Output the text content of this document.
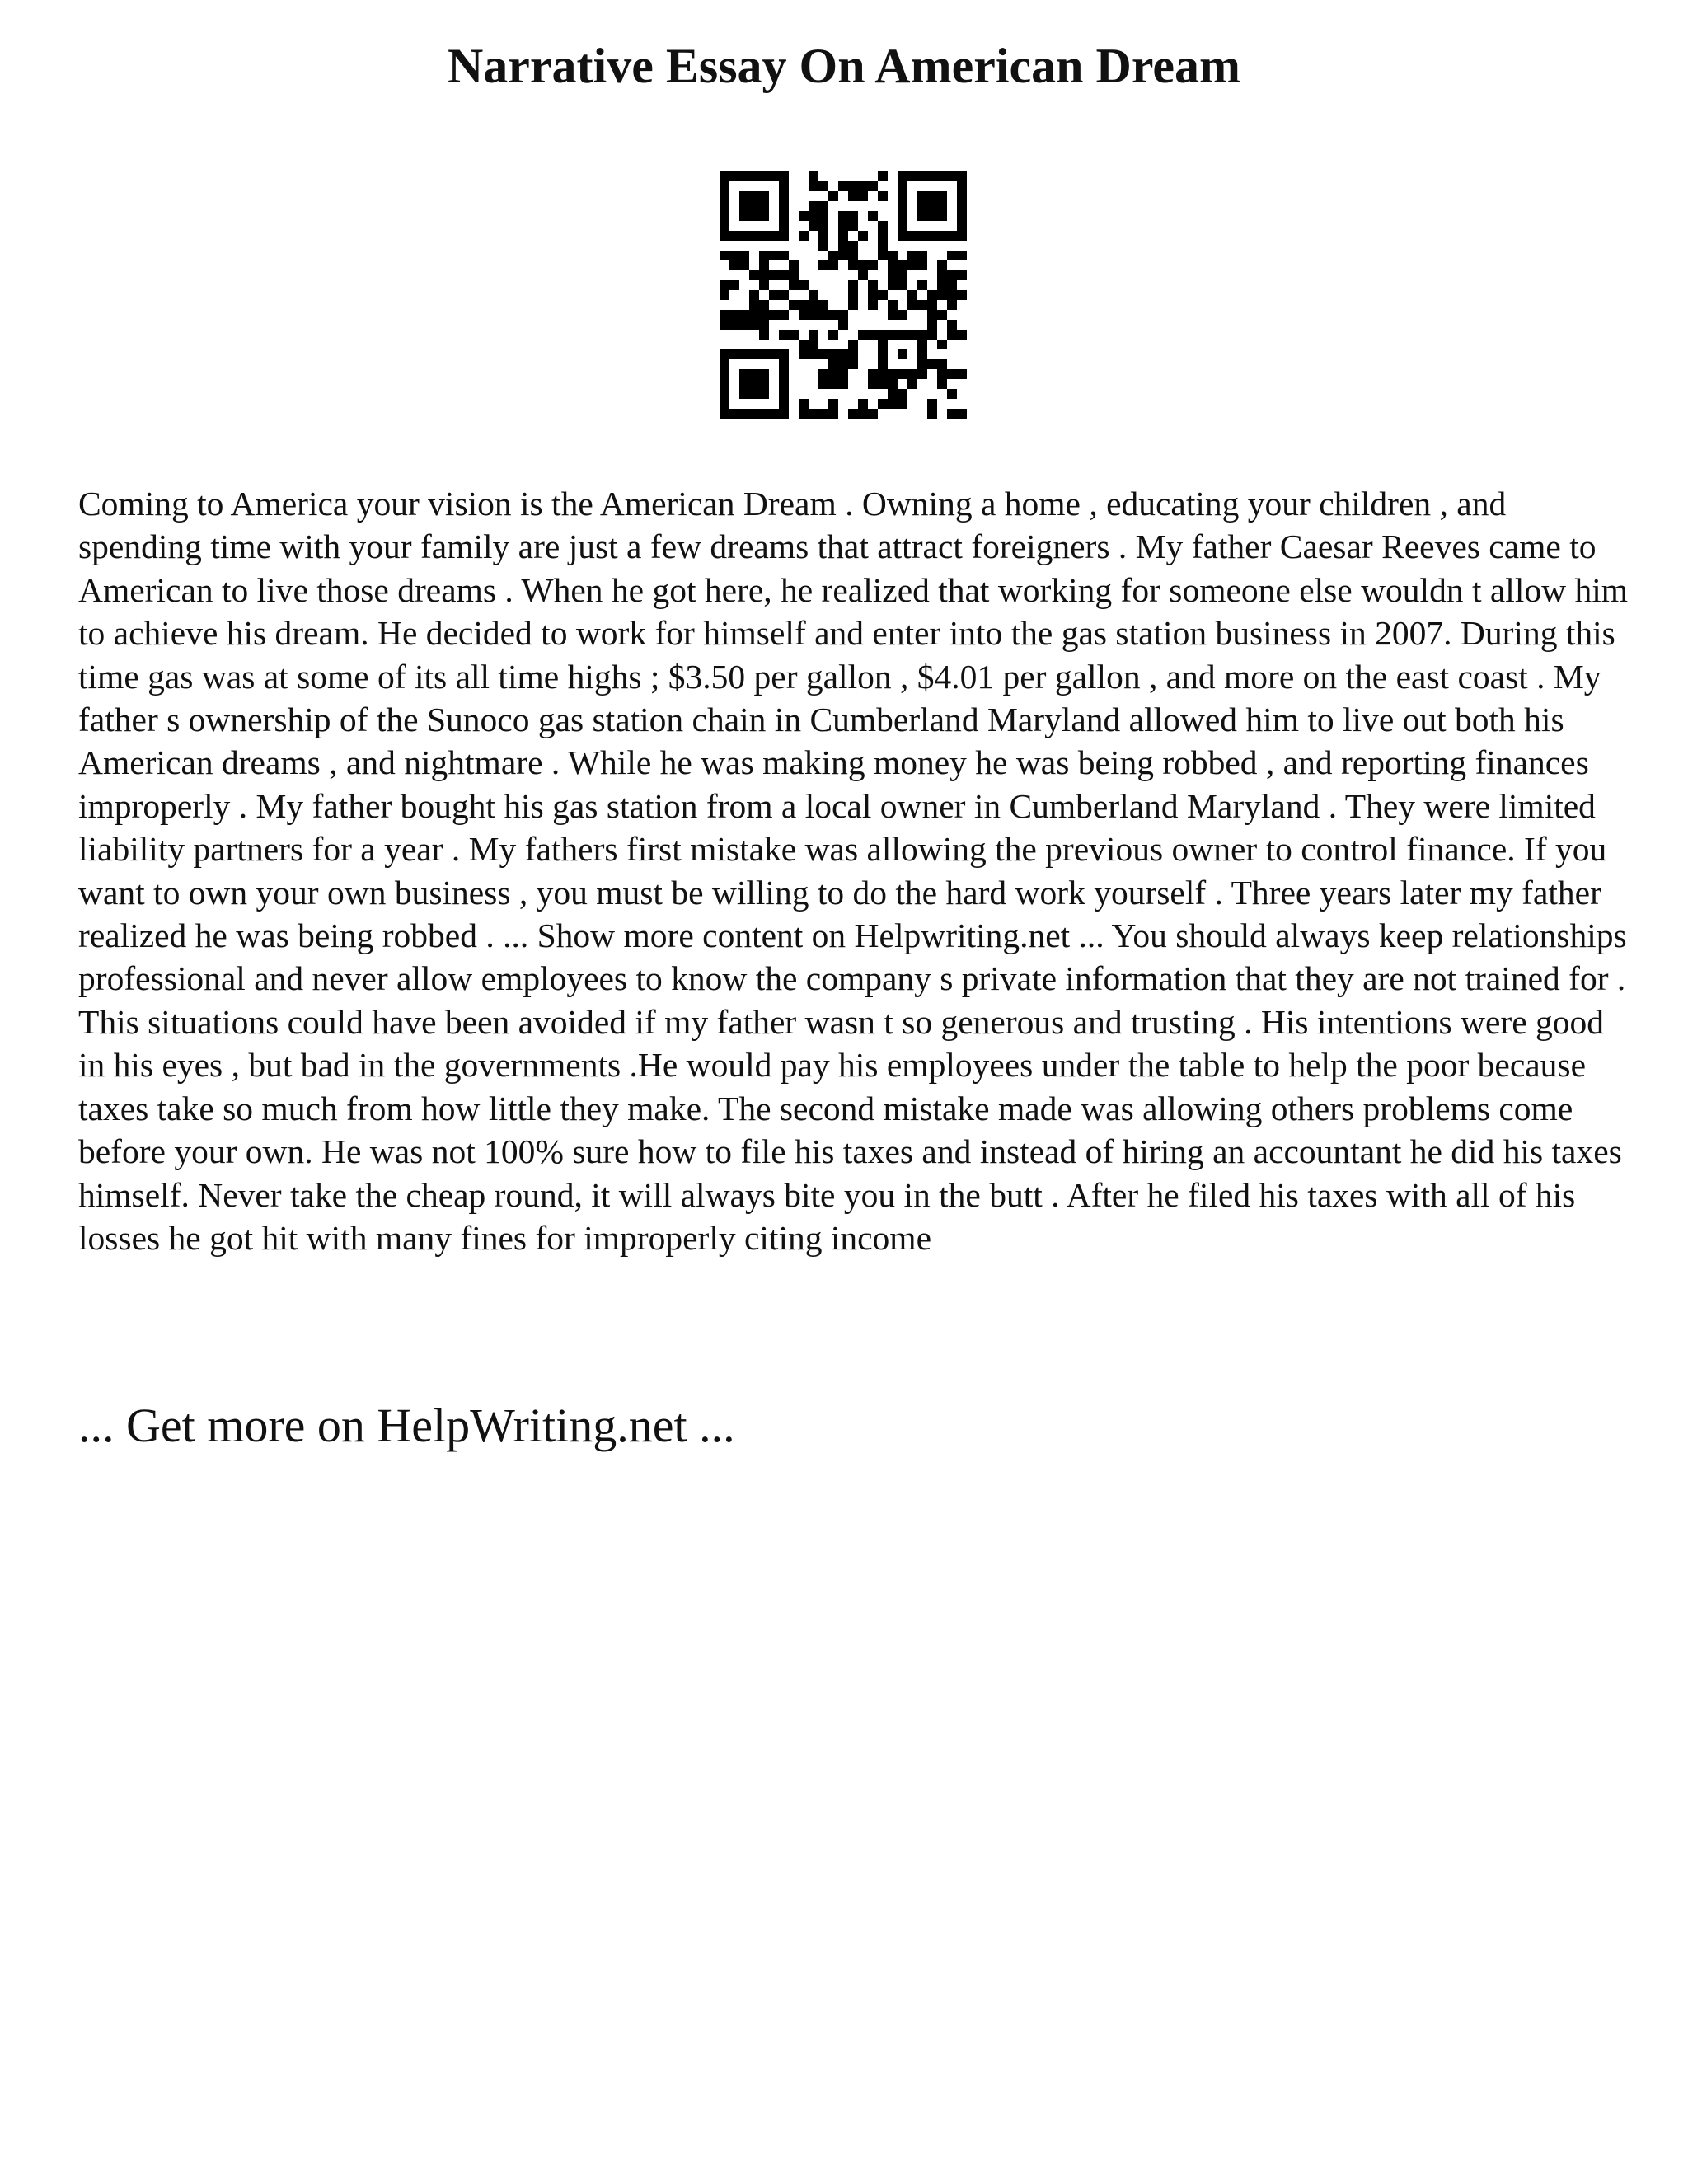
Narrative Essay On American Dream

Coming to America your vision is the American Dream . Owning a home , educating your children , and spending time with your family are just a few dreams that attract foreigners . My father Caesar Reeves came to American to live those dreams . When he got here, he realized that working for someone else wouldn t allow him to achieve his dream. He decided to work for himself and enter into the gas station business in 2007. During this time gas was at some of its all time highs ; $3.50 per gallon , $4.01 per gallon , and more on the east coast . My father s ownership of the Sunoco gas station chain in Cumberland Maryland allowed him to live out both his American dreams , and nightmare . While he was making money he was being robbed , and reporting finances improperly . My father bought his gas station from a local owner in Cumberland Maryland . They were limited liability partners for a year . My fathers first mistake was allowing the previous owner to control finance. If you want to own your own business , you must be willing to do the hard work yourself . Three years later my father realized he was being robbed . ... Show more content on Helpwriting.net ... You should always keep relationships professional and never allow employees to know the company s private information that they are not trained for . This situations could have been avoided if my father wasn t so generous and trusting . His intentions were good in his eyes , but bad in the governments .He would pay his employees under the table to help the poor because taxes take so much from how little they make. The second mistake made was allowing others problems come before your own. He was not 100% sure how to file his taxes and instead of hiring an accountant he did his taxes himself. Never take the cheap round, it will always bite you in the butt . After he filed his taxes with all of his losses he got hit with many fines for improperly citing income

... Get more on HelpWriting.net ...
